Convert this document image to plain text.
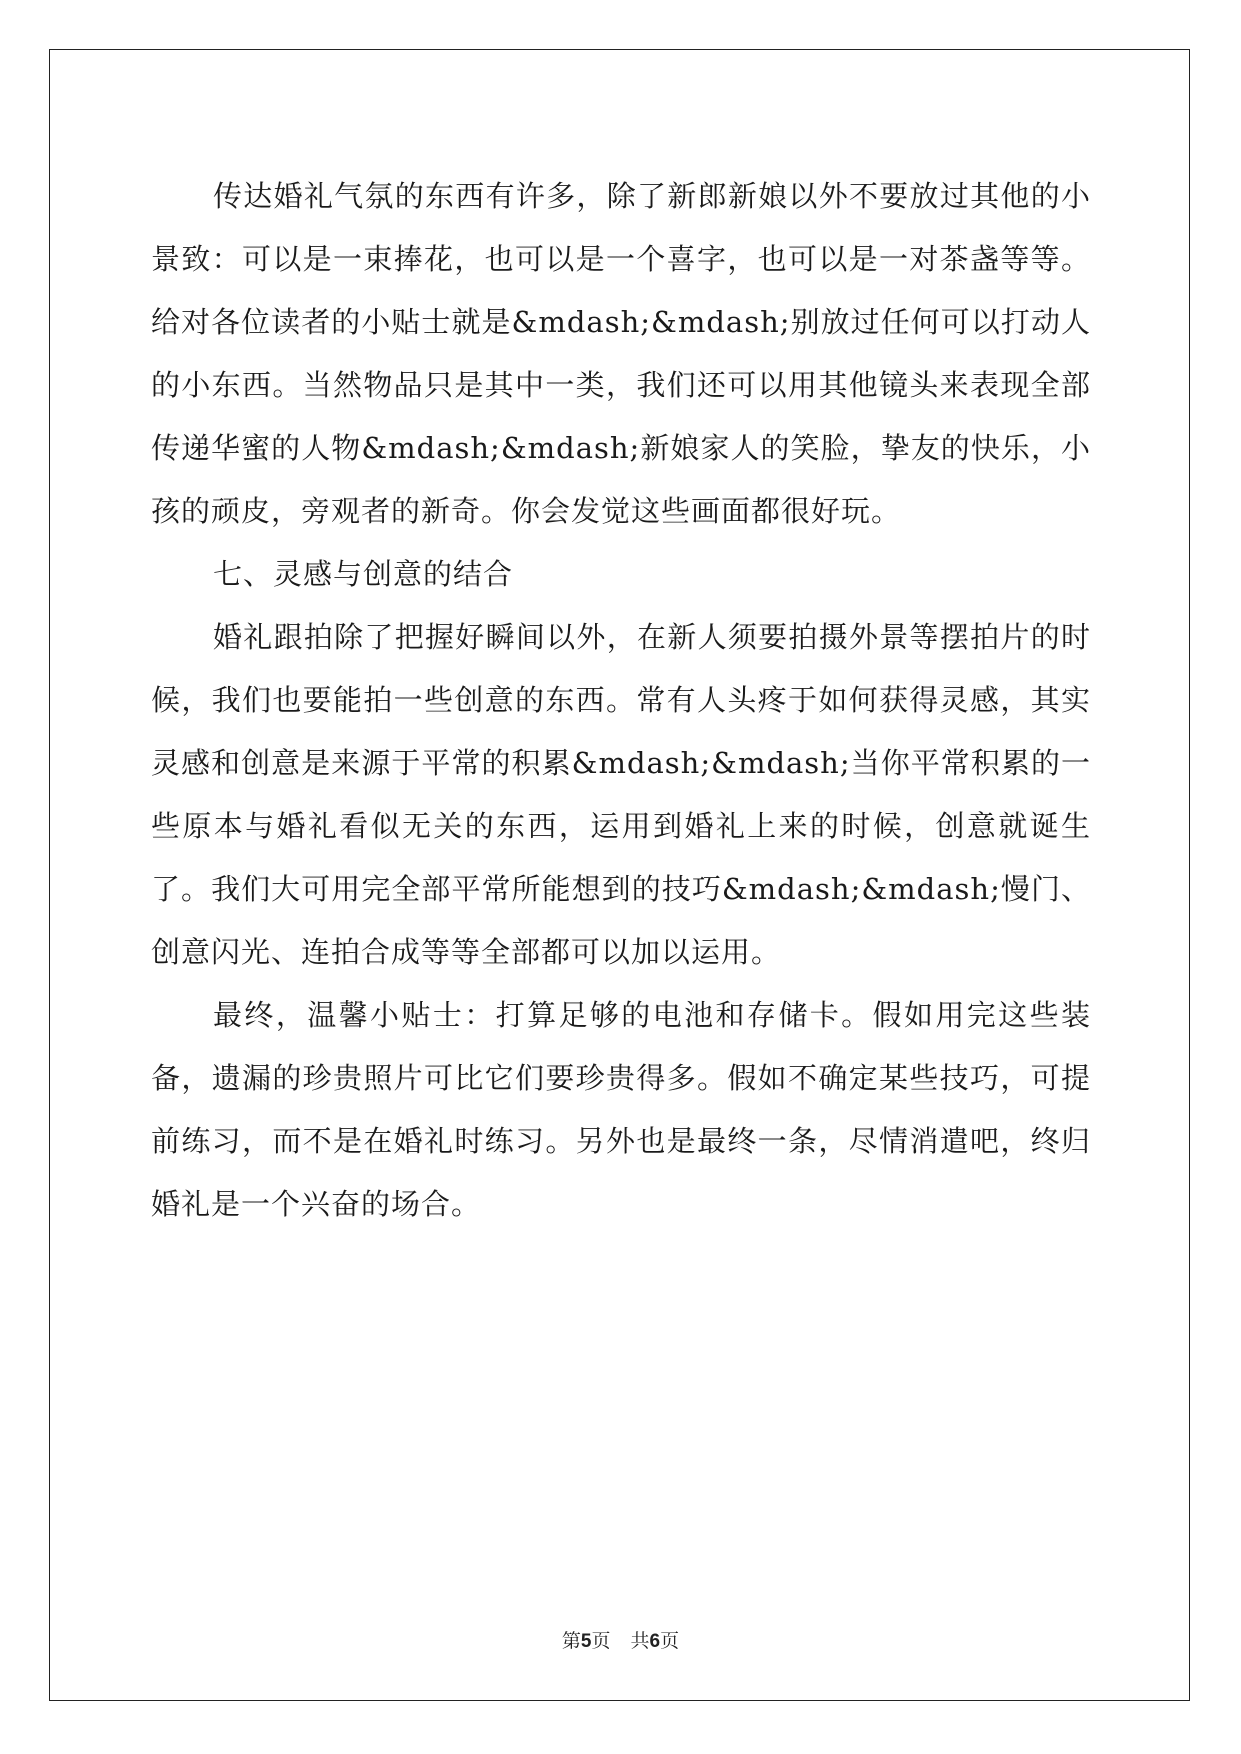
传达婚礼气氛的东西有许多，除了新郎新娘以外不要放过其他的小景致：可以是一束捧花，也可以是一个喜字，也可以是一对茶盏等等。给对各位读者的小贴士就是&mdash;&mdash;别放过任何可以打动人的小东西。当然物品只是其中一类，我们还可以用其他镜头来表现全部传递华蜜的人物&mdash;&mdash;新娘家人的笑脸，挚友的快乐，小孩的顽皮，旁观者的新奇。你会发觉这些画面都很好玩。

七、灵感与创意的结合

婚礼跟拍除了把握好瞬间以外，在新人须要拍摄外景等摆拍片的时候，我们也要能拍一些创意的东西。常有人头疼于如何获得灵感，其实灵感和创意是来源于平常的积累&mdash;&mdash;当你平常积累的一些原本与婚礼看似无关的东西，运用到婚礼上来的时候，创意就诞生了。我们大可用完全部平常所能想到的技巧&mdash;&mdash;慢门、创意闪光、连拍合成等等全部都可以加以运用。

最终，温馨小贴士：打算足够的电池和存储卡。假如用完这些装备，遗漏的珍贵照片可比它们要珍贵得多。假如不确定某些技巧，可提前练习，而不是在婚礼时练习。另外也是最终一条，尽情消遣吧，终归婚礼是一个兴奋的场合。

第5页 共6页
